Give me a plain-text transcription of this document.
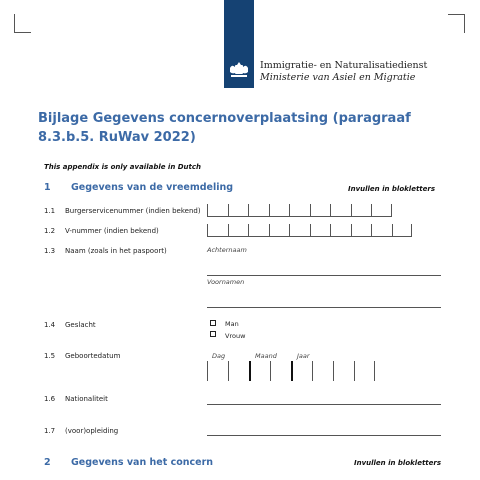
Immigratie- en Naturalisatiedienst
Ministerie van Asiel en Migratie
Bijlage Gegevens concernoverplaatsing (paragraaf 8.3.b.5. RuWav 2022)
This appendix is only available in Dutch
1 Gegevens van de vreemdeling	Invullen in blokletters
1.1 Burgerservicenummer (indien bekend)
1.2 V-nummer (indien bekend)
1.3 Naam (zoals in het paspoort)	Achternaam
Voornamen
1.4 Geslacht	Man
Vrouw
1.5 Geboortedatum	Dag	Maand	Jaar
1.6 Nationaliteit
1.7 (voor)opleiding
2 Gegevens van het concern	Invullen in blokletters
